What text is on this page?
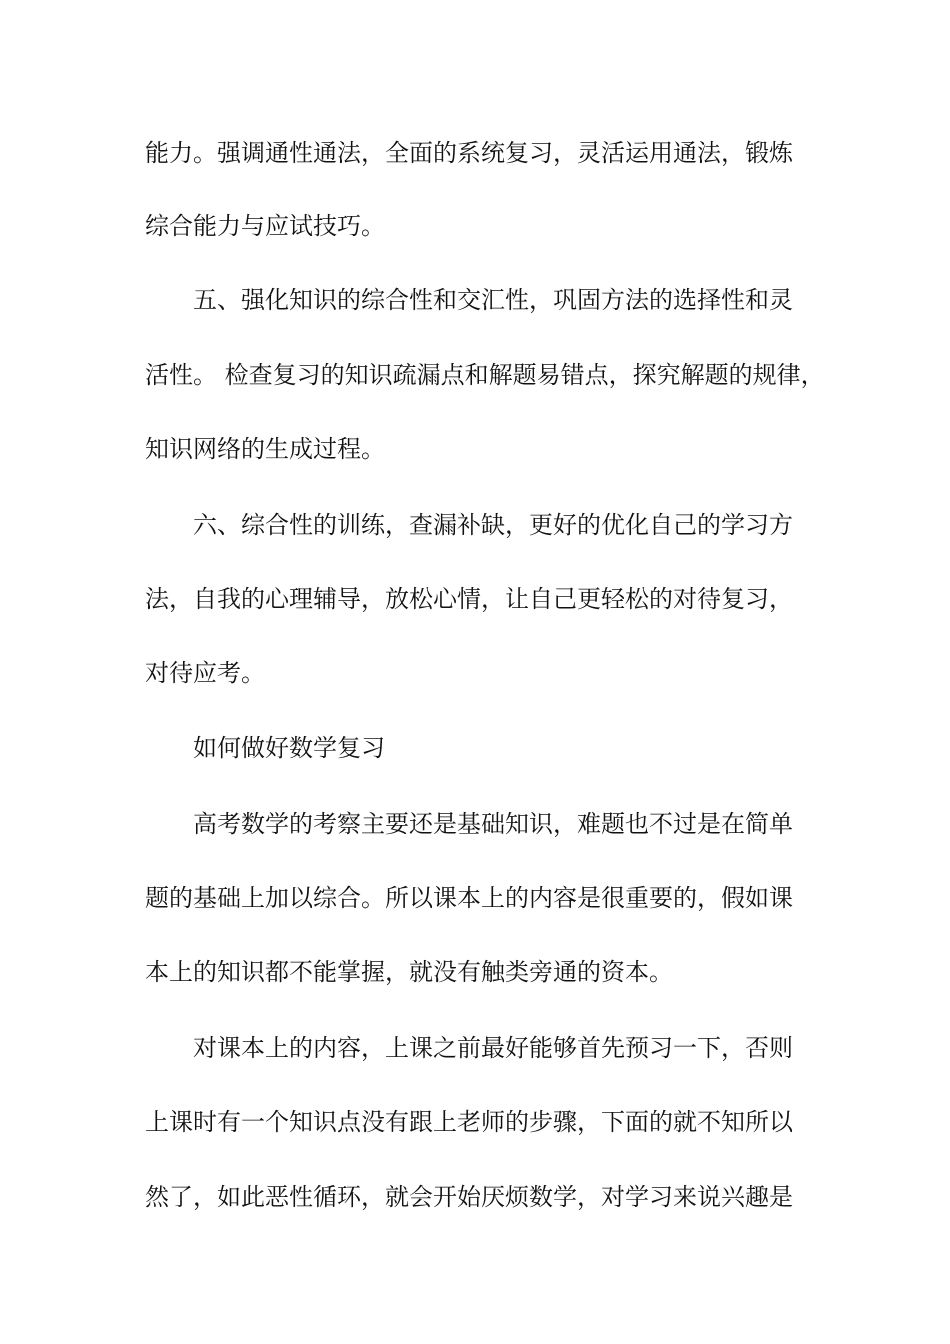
能力。强调通性通法，全面的系统复习，灵活运用通法，锻炼
综合能力与应试技巧。
五、强化知识的综合性和交汇性，巩固方法的选择性和灵
活性。 检查复习的知识疏漏点和解题易错点，探究解题的规律，
知识网络的生成过程。
六、综合性的训练，查漏补缺，更好的优化自己的学习方
法，自我的心理辅导，放松心情，让自己更轻松的对待复习，
对待应考。
如何做好数学复习
高考数学的考察主要还是基础知识，难题也不过是在简单
题的基础上加以综合。所以课本上的内容是很重要的，假如课
本上的知识都不能掌握，就没有触类旁通的资本。
对课本上的内容，上课之前最好能够首先预习一下，否则
上课时有一个知识点没有跟上老师的步骤，下面的就不知所以
然了，如此恶性循环，就会开始厌烦数学，对学习来说兴趣是
